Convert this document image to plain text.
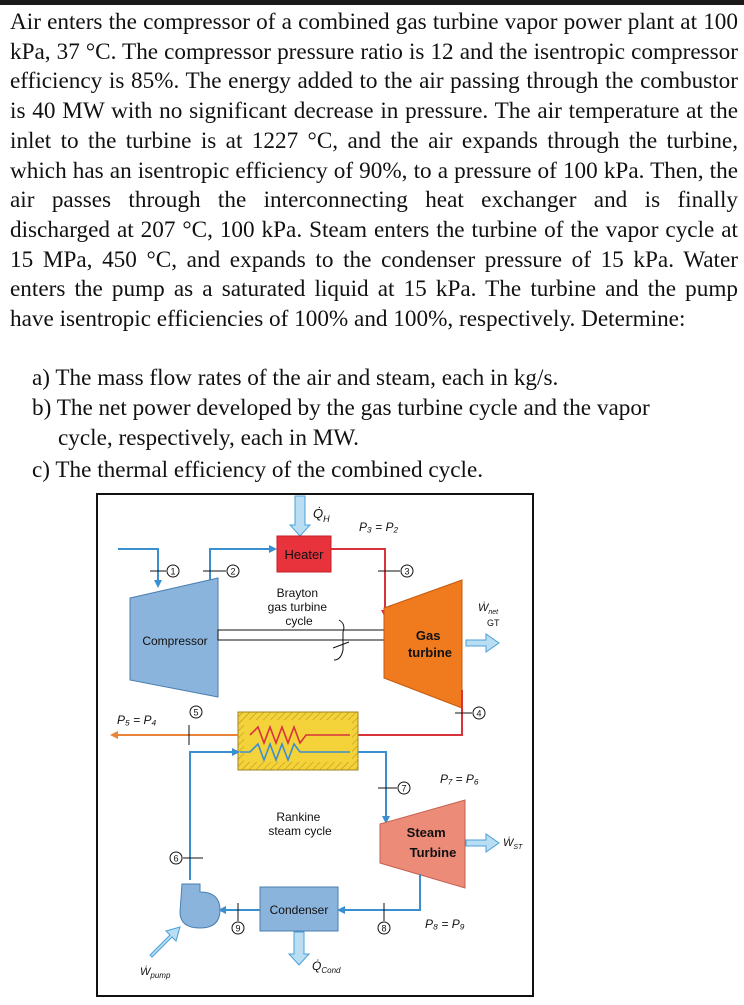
Air enters the compressor of a combined gas turbine vapor power plant at 100 kPa, 37 °C. The compressor pressure ratio is 12 and the isentropic compressor efficiency is 85%. The energy added to the air passing through the combustor is 40 MW with no significant decrease in pressure. The air temperature at the inlet to the turbine is at 1227 °C, and the air expands through the turbine, which has an isentropic efficiency of 90%, to a pressure of 100 kPa. Then, the air passes through the interconnecting heat exchanger and is finally discharged at 207 °C, 100 kPa. Steam enters the turbine of the vapor cycle at 15 MPa, 450 °C, and expands to the condenser pressure of 15 kPa. Water enters the pump as a saturated liquid at 15 kPa. The turbine and the pump have isentropic efficiencies of 100% and 100%, respectively. Determine:

a) The mass flow rates of the air and steam, each in kg/s.
b) The net power developed by the gas turbine cycle and the vapor
cycle, respectively, each in MW.
c) The thermal efficiency of the combined cycle.
$Q̇_H$
Heater
P₃ = P₂
1	2	3
Brayton gas turbine cycle
Compressor	Gas turbine
Ẇ$_{net}$
GT
4
P₅ = P₄
5
7
P₇ = P₆
6
Rankine steam cycle	Steam Turbine
Ẇ$_{ST}$
8	P₈ = P₉
Condenser
9
$Q̇_{Cond}$
Ẇ$_{pump}$
